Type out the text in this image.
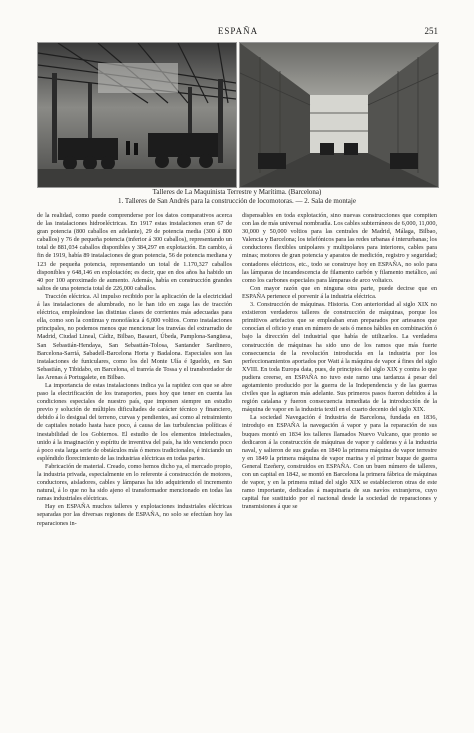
ESPAÑA	251
Talleres de La Maquinista Terrestre y Marítima. (Barcelona)
1. Talleres de San Andrés para la construcción de locomotoras. — 2. Sala de montaje

de la realidad, como puede comprenderse por los datos comparativos acerca de las instalaciones hidroeléctricas. En 1917 estas instalaciones eran 67 de gran potencia (800 caballos en adelante), 29 de potencia media (300 á 800 caballos) y 76 de pequeña potencia (inferior á 300 caballos), representando un total de 881,034 caballos disponibles y 384,297 en explotación. En cambio, á fin de 1919, había 89 instalaciones de gran potencia, 56 de potencia mediana y 123 de pequeña potencia, representando un total de 1.170,327 caballos disponibles y 648,146 en explotación; es decir, que en dos años ha habido un 40 por 100 aproximado de aumento. Además, había en construcción grandes saltos de una potencia total de 226,000 caballos.

Tracción eléctrica. Al impulso recibido por la aplicación de la electricidad á las instalaciones de alumbrado, no le han ido en zaga las de tracción eléctrica, empleándose las distintas clases de corrientes más adecuadas para ella, como son la continua y monofásica á 6,000 voltios. Como instalaciones principales, no podemos menos que mencionar los tranvías del extrarradio de Madrid, Ciudad Lineal, Cádiz, Bilbao, Basauri, Úbeda, Pamplona-Sangüesa, San Sebastián-Hendaya, San Sebastián-Tolosa, Santander Sardinero, Barcelona-Sarriá, Sabadell-Barcelona Horta y Badalona. Especiales son las instalaciones de funiculares, como los del Monte Ulía é Igueldo, en San Sebastián, y Tibidabo, en Barcelona, el tranvía de Tossa y el transbordador de las Arenas á Portugalete, en Bilbao.

La importancia de estas instalaciones indica ya la rapidez con que se abre paso la electrificación de los transportes, pues hoy que tener en cuenta las condiciones especiales de nuestro país, que imponen siempre un estudio previo y solución de múltiples dificultades de carácter técnico y financiero, debido á lo desigual del terreno, curvas y pendientes, así como al retraimiento de capitales notado hasta hace poco, á causa de las turbulencias políticas é inestabilidad de los Gobiernos. El estudio de los elementos intelectuales, unido á la imaginación y espíritu de inventiva del país, ha ido venciendo poco á poco esta larga serie de obstáculos más ó menos tradicionales, é iniciando un espléndido florecimiento de las industrias eléctricas en todas partes.

Fabricación de material. Creado, como hemos dicho ya, el mercado propio, la industria privada, especialmente en lo referente á construcción de motores, conductores, aisladores, cables y lámparas ha ido adquiriendo el incremento natural, á lo que no ha sido ajeno el transformador mencionado en todas las ramas industriales eléctricas.

Hay en ESPAÑA muchos talleres y explotaciones industriales eléctricas separadas por las diversas regiones de ESPAÑA, no solo se efectúan hoy las reparaciones in-

dispensables en toda explotación, sino nuevas construcciones que compiten con las de más universal nombradía. Los cables subterráneos de 6,000, 11,000, 30,000 y 50,000 voltios para las centrales de Madrid, Málaga, Bilbao, Valencia y Barcelona; los telefónicos para las redes urbanas é interurbanas; los conductores flexibles unipolares y multipolares para interiores, cables para minas; motores de gran potencia y aparatos de medición, registro y seguridad; contadores eléctricos, etc., todo se construye hoy en ESPAÑA, no solo para las lámparas de incandescencia de filamento carbón y filamento metálico, así como los carbones especiales para lámparas de arco voltaico.

Con mayor razón que en ninguna otra parte, puede decirse que en ESPAÑA pertenece el porvenir á la industria eléctrica.

3. Construcción de máquinas. Historia. Con anterioridad al siglo XIX no existieron verdaderos talleres de construcción de máquinas, porque los primitivos artefactos que se empleaban eran preparados por artesanos que conocían el oficio y eran en número de seis ó menos hábiles en combinación ó bajo la dirección del industrial que había de utilizarlos. La verdadera construcción de máquinas ha sido uno de los ramos que más fuerte consecuencia de la revolución introducida en la industria por los perfeccionamientos aportados por Watt á la máquina de vapor á fines del siglo XVIII. En toda Europa data, pues, de principios del siglo XIX y contra lo que pudiera creerse, en ESPAÑA no tuvo este ramo una tardanza á pesar del agotamiento producido por la guerra de la Independencia y de las guerras civiles que la agitaron más adelante. Sus primeros pasos fueron debidos á la región catalana y fueron consecuencia inmediata de la introducción de la máquina de vapor en la industria textil en el cuarto decenio del siglo XIX.

La sociedad Navegación é Industria de Barcelona, fundada en 1836, introdujo en ESPAÑA la navegación á vapor y para la reparación de sus buques montó en 1834 los talleres llamados Nuevo Vulcano, que pronto se dedicaron á la construcción de máquinas de vapor y calderas y á la industria naval, y salieron de sus gradas en 1840 la primera máquina de vapor terrestre y en 1849 la primera máquina de vapor marina y el primer buque de guerra General Ezeñery, construidos en ESPAÑA. Con un buen número de talleres, con un capital en 1842, se montó en Barcelona la primera fábrica de máquinas de vapor, y en la primera mitad del siglo XIX se establecieron otras de este ramo importante, dedicadas á maquinaria de sus navíos extranjeros, cuyo capital fue sustituido por el nacional desde la sociedad de reparaciones y transmisiones á que se
